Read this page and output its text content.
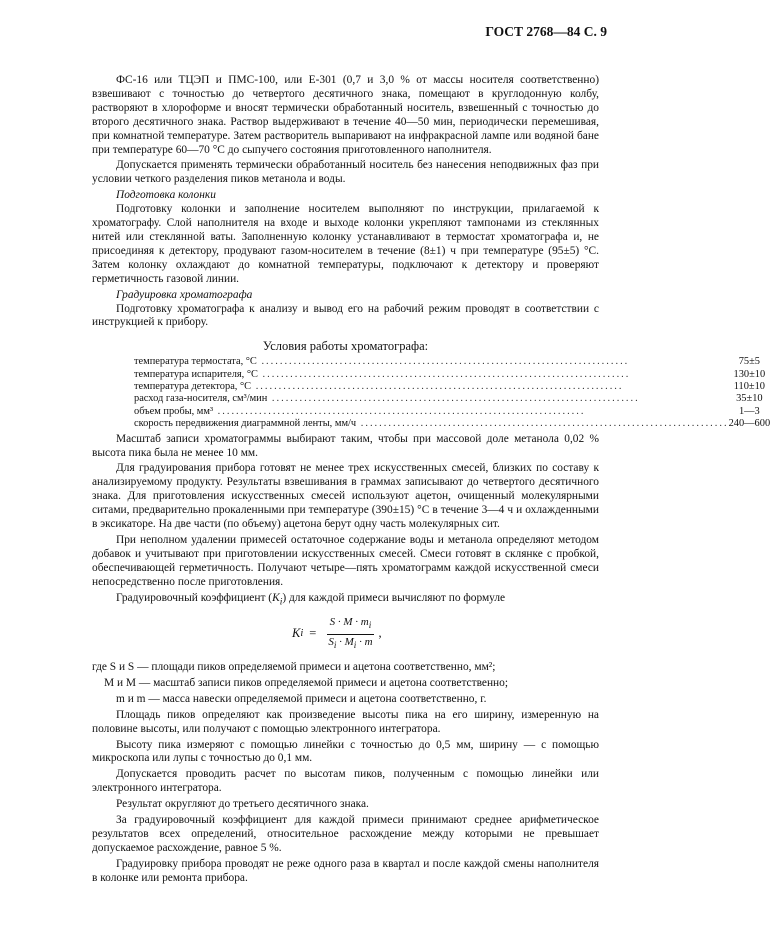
ГОСТ 2768—84 С. 9

ФС-16 или ТЦЭП и ПМС-100, или Е-301 (0,7 и 3,0 % от массы носителя соответственно) взвешивают с точностью до четвертого десятичного знака, помещают в круглодонную колбу, растворяют в хлороформе и вносят термически обработанный носитель, взвешенный с точностью до второго десятичного знака. Раствор выдерживают в течение 40—50 мин, периодически перемешивая, при комнатной температуре. Затем растворитель выпаривают на инфракрасной лампе или водяной бане при температуре 60—70 °С до сыпучего состояния приготовленного наполнителя.

Допускается применять термически обработанный носитель без нанесения неподвижных фаз при условии четкого разделения пиков метанола и воды.

Подготовка колонки

Подготовку колонки и заполнение носителем выполняют по инструкции, прилагаемой к хроматографу. Слой наполнителя на входе и выходе колонки укрепляют тампонами из стеклянных нитей или стеклянной ваты. Заполненную колонку устанавливают в термостат хроматографа и, не присоединяя к детектору, продувают газом-носителем в течение (8±1) ч при температуре (95±5) °С. Затем колонку охлаждают до комнатной температуры, подключают к детектору и проверяют герметичность газовой линии.

Градуировка хроматографа

Подготовку хроматографа к анализу и вывод его на рабочий режим проводят в соответствии с инструкцией к прибору.

Условия работы хроматографа:
температура термостата, °С ................................................................................	75±5
температура испарителя, °С ................................................................................	130±10
температура детектора, °С ................................................................................	110±10
расход газа-носителя, см³/мин ................................................................................	35±10
объем пробы, мм³ ................................................................................	1—3
скорость передвижения диаграммной ленты, мм/ч ................................................................................	240—600

Масштаб записи хроматограммы выбирают таким, чтобы при массовой доле метанола 0,02 % высота пика была не менее 10 мм.

Для градуирования прибора готовят не менее трех искусственных смесей, близких по составу к анализируемому продукту. Результаты взвешивания в граммах записывают до четвертого десятичного знака. Для приготовления искусственных смесей используют ацетон, очищенный молекулярными ситами, предварительно прокаленными при температуре (390±15) °С в течение 3—4 ч и охлажденными в эксикаторе. На две части (по объему) ацетона берут одну часть молекулярных сит.

При неполном удалении примесей остаточное содержание воды и метанола определяют методом добавок и учитывают при приготовлении искусственных смесей. Смеси готовят в склянке с пробкой, обеспечивающей герметичность. Получают четыре—пять хроматограмм каждой искусственной смеси непосредственно после приготовления.

Градуировочный коэффициент $(K_i)$ для каждой примеси вычисляют по формуле

K $i = \frac{S \cdot M \cdot m_i}{S_i \cdot M_i \cdot m}$ ,
где S и S — площади пиков определяемой примеси и ацетона соответственно, мм²;
M и M — масштаб записи пиков определяемой примеси и ацетона соответственно;
m и m — масса навески определяемой примеси и ацетона соответственно, г.

Площадь пиков определяют как произведение высоты пика на его ширину, измеренную на половине высоты, или получают с помощью электронного интегратора.

Высоту пика измеряют с помощью линейки с точностью до 0,5 мм, ширину — с помощью микроскопа или лупы с точностью до 0,1 мм.

Допускается проводить расчет по высотам пиков, полученным с помощью линейки или электронного интегратора.

Результат округляют до третьего десятичного знака.

За градуировочный коэффициент для каждой примеси принимают среднее арифметическое результатов всех определений, относительное расхождение между которыми не превышает допускаемое расхождение, равное 5 %.

Градуировку прибора проводят не реже одного раза в квартал и после каждой смены наполнителя в колонке или ремонта прибора.
